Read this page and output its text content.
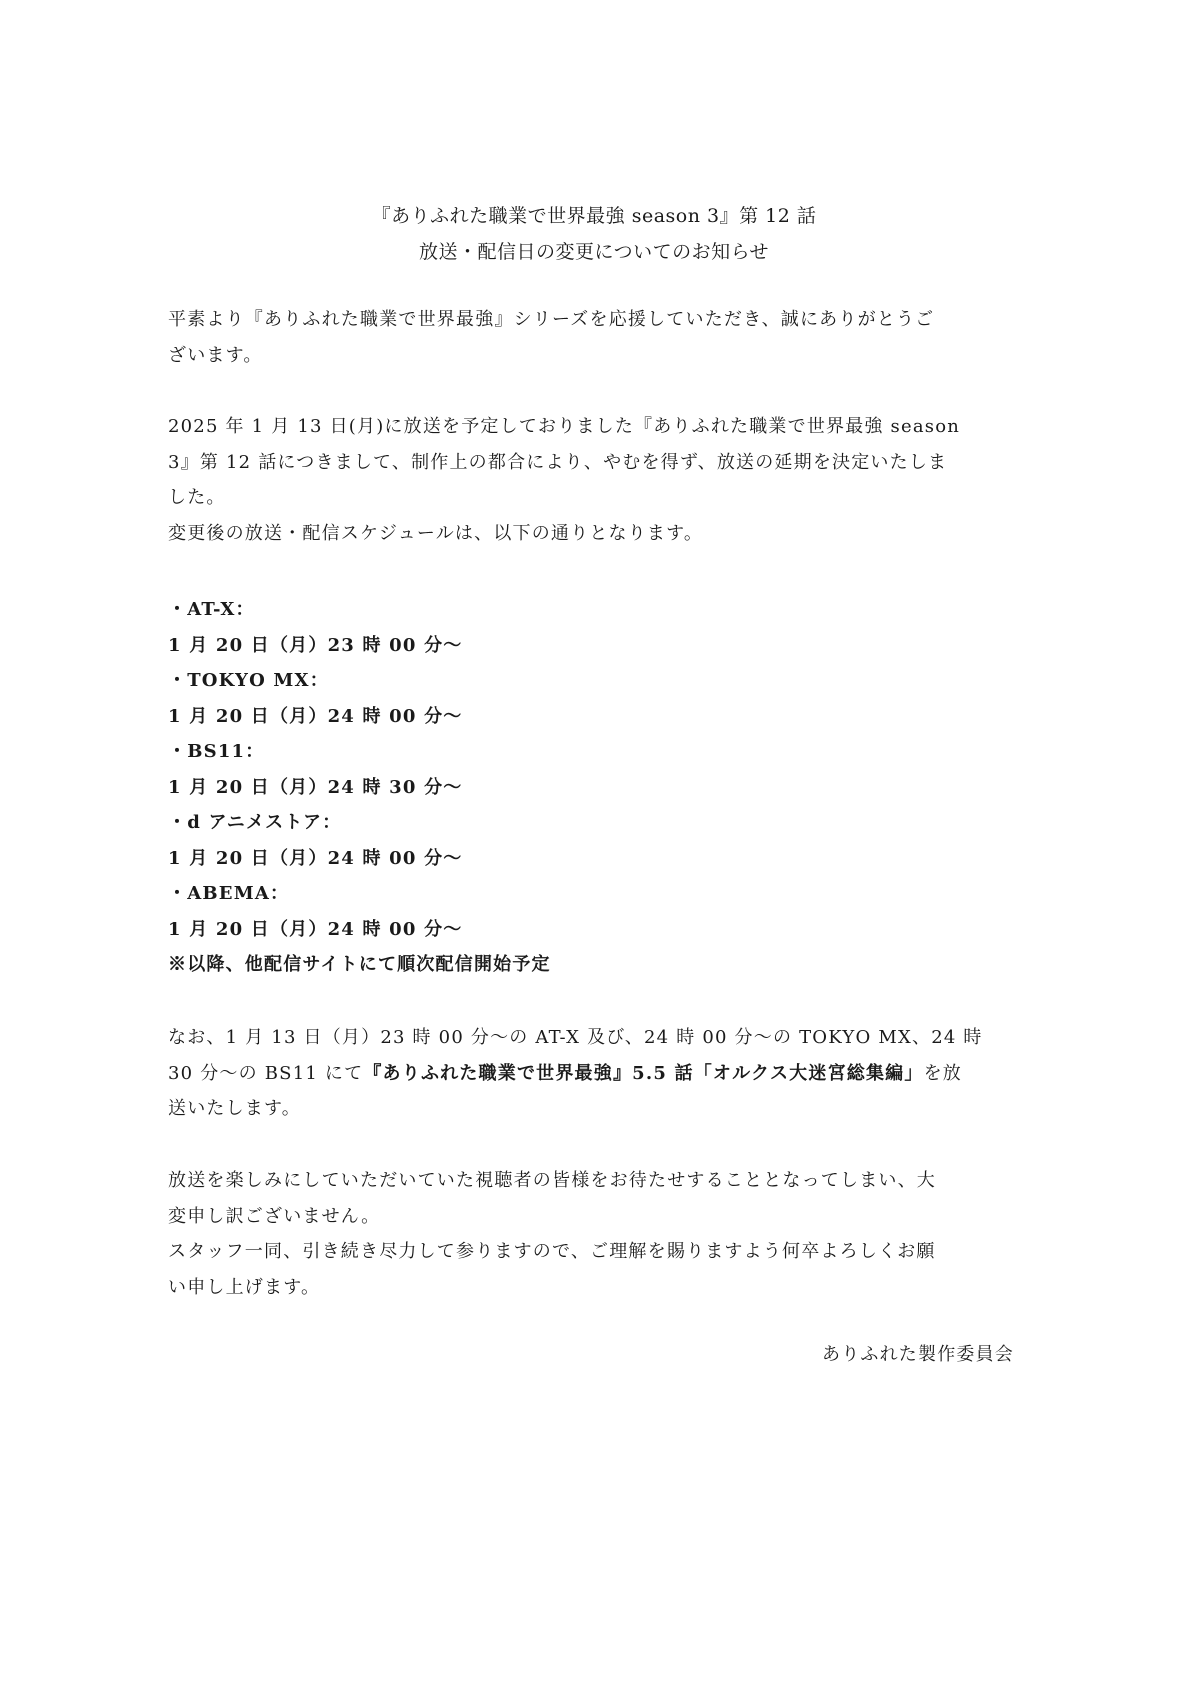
『ありふれた職業で世界最強 season 3』第 12 話
放送・配信日の変更についてのお知らせ
平素より『ありふれた職業で世界最強』シリーズを応援していただき、誠にありがとうご
ざいます。
2025 年 1 月 13 日(月)に放送を予定しておりました『ありふれた職業で世界最強 season
3』第 12 話につきまして、制作上の都合により、やむを得ず、放送の延期を決定いたしま
した。
変更後の放送・配信スケジュールは、以下の通りとなります。
・AT-X：
1 月 20 日（月）23 時 00 分～
・TOKYO MX：
1 月 20 日（月）24 時 00 分～
・BS11：
1 月 20 日（月）24 時 30 分～
・d アニメストア：
1 月 20 日（月）24 時 00 分～
・ABEMA：
1 月 20 日（月）24 時 00 分～
※以降、他配信サイトにて順次配信開始予定
なお、1 月 13 日（月）23 時 00 分～の AT-X 及び、24 時 00 分～の TOKYO MX、24 時
30 分～の BS11 にて『ありふれた職業で世界最強』5.5 話「オルクス大迷宮総集編」を放
送いたします。
放送を楽しみにしていただいていた視聴者の皆様をお待たせすることとなってしまい、大
変申し訳ございません。
スタッフ一同、引き続き尽力して参りますので、ご理解を賜りますよう何卒よろしくお願
い申し上げます。
ありふれた製作委員会
